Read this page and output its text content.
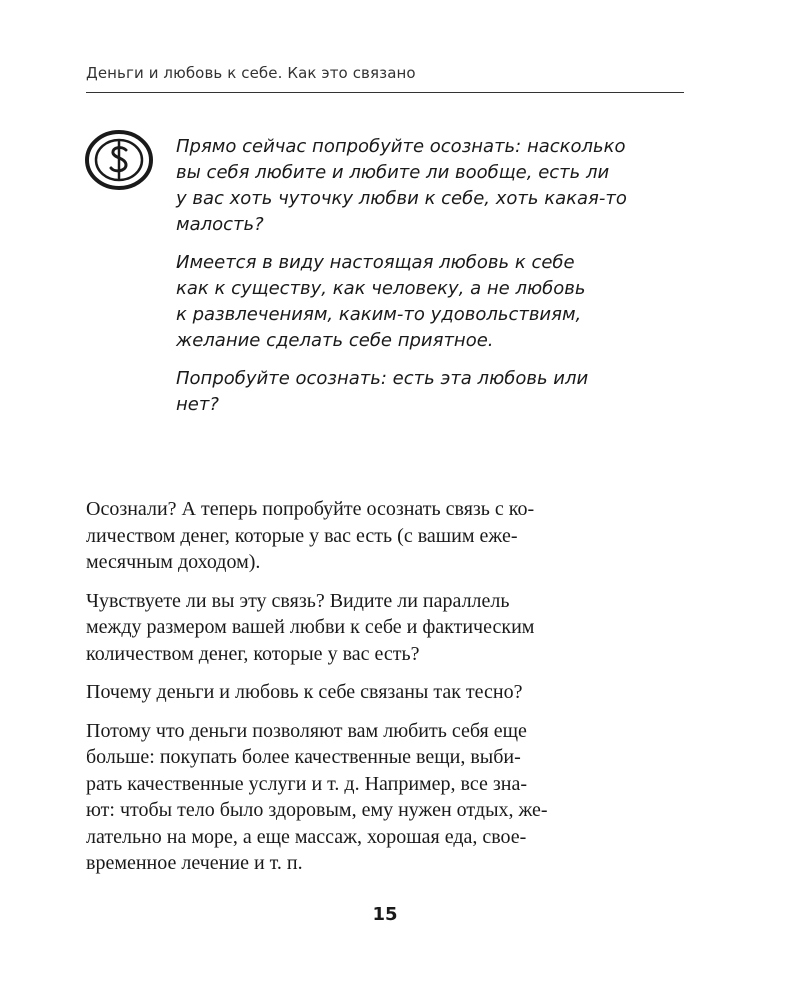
Деньги и любовь к себе. Как это связано

Прямо сейчас попробуйте осознать: насколько
вы себя любите и любите ли вообще, есть ли
у вас хоть чуточку любви к себе, хоть какая-то
малость?

Имеется в виду настоящая любовь к себе
как к существу, как человеку, а не любовь
к развлечениям, каким-то удовольствиям,
желание сделать себе приятное.

Попробуйте осознать: есть эта любовь или
нет?

Осознали? А теперь попробуйте осознать связь с ко-
личеством денег, которые у вас есть (с вашим еже-
месячным доходом).

Чувствуете ли вы эту связь? Видите ли параллель
между размером вашей любви к себе и фактическим
количеством денег, которые у вас есть?

Почему деньги и любовь к себе связаны так тесно?

Потому что деньги позволяют вам любить себя еще
больше: покупать более качественные вещи, выби-
рать качественные услуги и т. д. Например, все зна-
ют: чтобы тело было здоровым, ему нужен отдых, же-
лательно на море, а еще массаж, хорошая еда, свое-
временное лечение и т. п.

15
